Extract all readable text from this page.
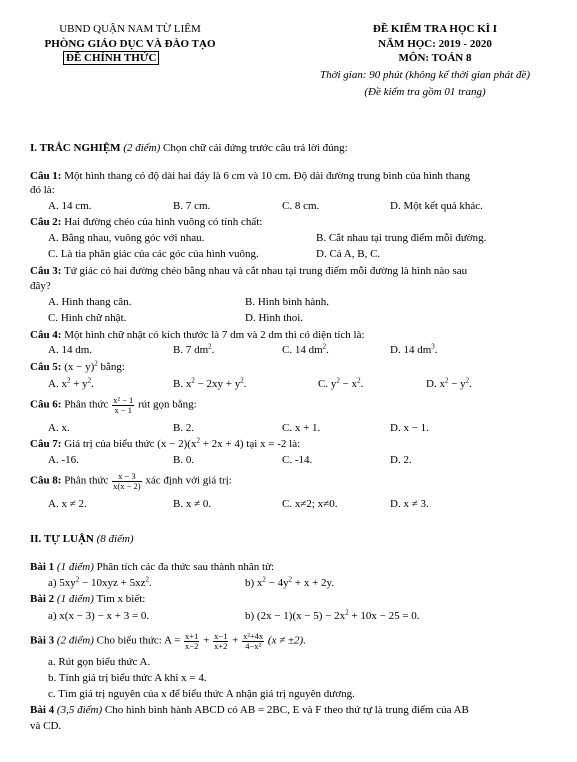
UBND QUẬN NAM TỪ LIÊM
PHÒNG GIÁO DỤC VÀ ĐÀO TẠO
ĐỀ CHÍNH THỨC
ĐỀ KIỂM TRA HỌC KÌ I
NĂM HỌC: 2019 - 2020
MÔN: TOÁN 8
Thời gian: 90 phút (không kể thời gian phát đề)
(Đề kiểm tra gồm 01 trang)
I. TRẮC NGHIỆM (2 điểm) Chọn chữ cái đứng trước câu trả lời đúng:
Câu 1: Một hình thang có độ dài hai đáy là 6 cm và 10 cm. Độ dài đường trung bình của hình thang
đó là:
A. 14 cm.	B. 7 cm.	C. 8 cm.	D. Một kết quả khác.
Câu 2: Hai đường chéo của hình vuông có tính chất:
A. Bằng nhau, vuông góc với nhau.	B. Cắt nhau tại trung điểm mỗi đường.
C. Là tia phân giác của các góc của hình vuông.	D. Cả A, B, C.
Câu 3: Tứ giác có hai đường chéo bằng nhau và cắt nhau tại trung điểm mỗi đường là hình nào sau
đây?
A. Hình thang cân.	B. Hình bình hành.
C. Hình chữ nhật.	D. Hình thoi.
Câu 4: Một hình chữ nhật có kích thước là 7 dm và 2 dm thì có diện tích là:
A. 14 dm.	B. 7 $dm^2$.	C. 14 $dm^2$.	D. 14 $dm^3$.
Câu 5: $(x - y)^2$ bằng:
A. $x^2 + y^2$.	B. $x^2 - 2xy + y^2$.	C. $y^2 - x^2$.	D. $x^2 - y^2$.
Câu 6: Phân thức $\frac{\text{x² − 1}}{x - 1}$ rút gọn bằng:
A. x.	B. 2.	C. x + 1.	D. x − 1.
Câu 7: Giá trị của biểu thức $(x - 2)(x^2 + 2x + 4)$ tại x = -2 là:
A. -16.	B. 0.	C. -14.	D. 2.
Câu 8: Phân thức $\frac{x - 3}{x(x - 2)}$ xác định với giá trị:
A. x ≠ 2.	B. x ≠ 0.	C. x≠2; x≠0.	D. x ≠ 3.
II. TỰ LUẬN (8 điểm)
Bài 1 (1 điểm) Phân tích các đa thức sau thành nhân tử:
a) $5xy^2 - 10xyz + 5xz^2$.	b) $x^2 - 4y^2 + x + 2y$.
Bài 2 (1 điểm) Tìm x biết:
a) x(x − 3) − x + 3 = 0.	b) $(2x - 1)(x - 5) - 2x^2 + 10x - 25 = 0$.
Bài 3 (2 điểm) Cho biểu thức: $A = \frac{x+1}{x-2} + \frac{x-1}{x+2} + \frac{\text{x²+4x}}{\text{4−x²}} (x \ne \pm 2)$.
a. Rút gọn biểu thức A.
b. Tính giá trị biểu thức A khi x = 4.
c. Tìm giá trị nguyên của x để biểu thức A nhận giá trị nguyên dương.
Bài 4 (3,5 điểm) Cho hình bình hành ABCD có AB = 2BC, E và F theo thứ tự là trung điểm của AB
và CD.
